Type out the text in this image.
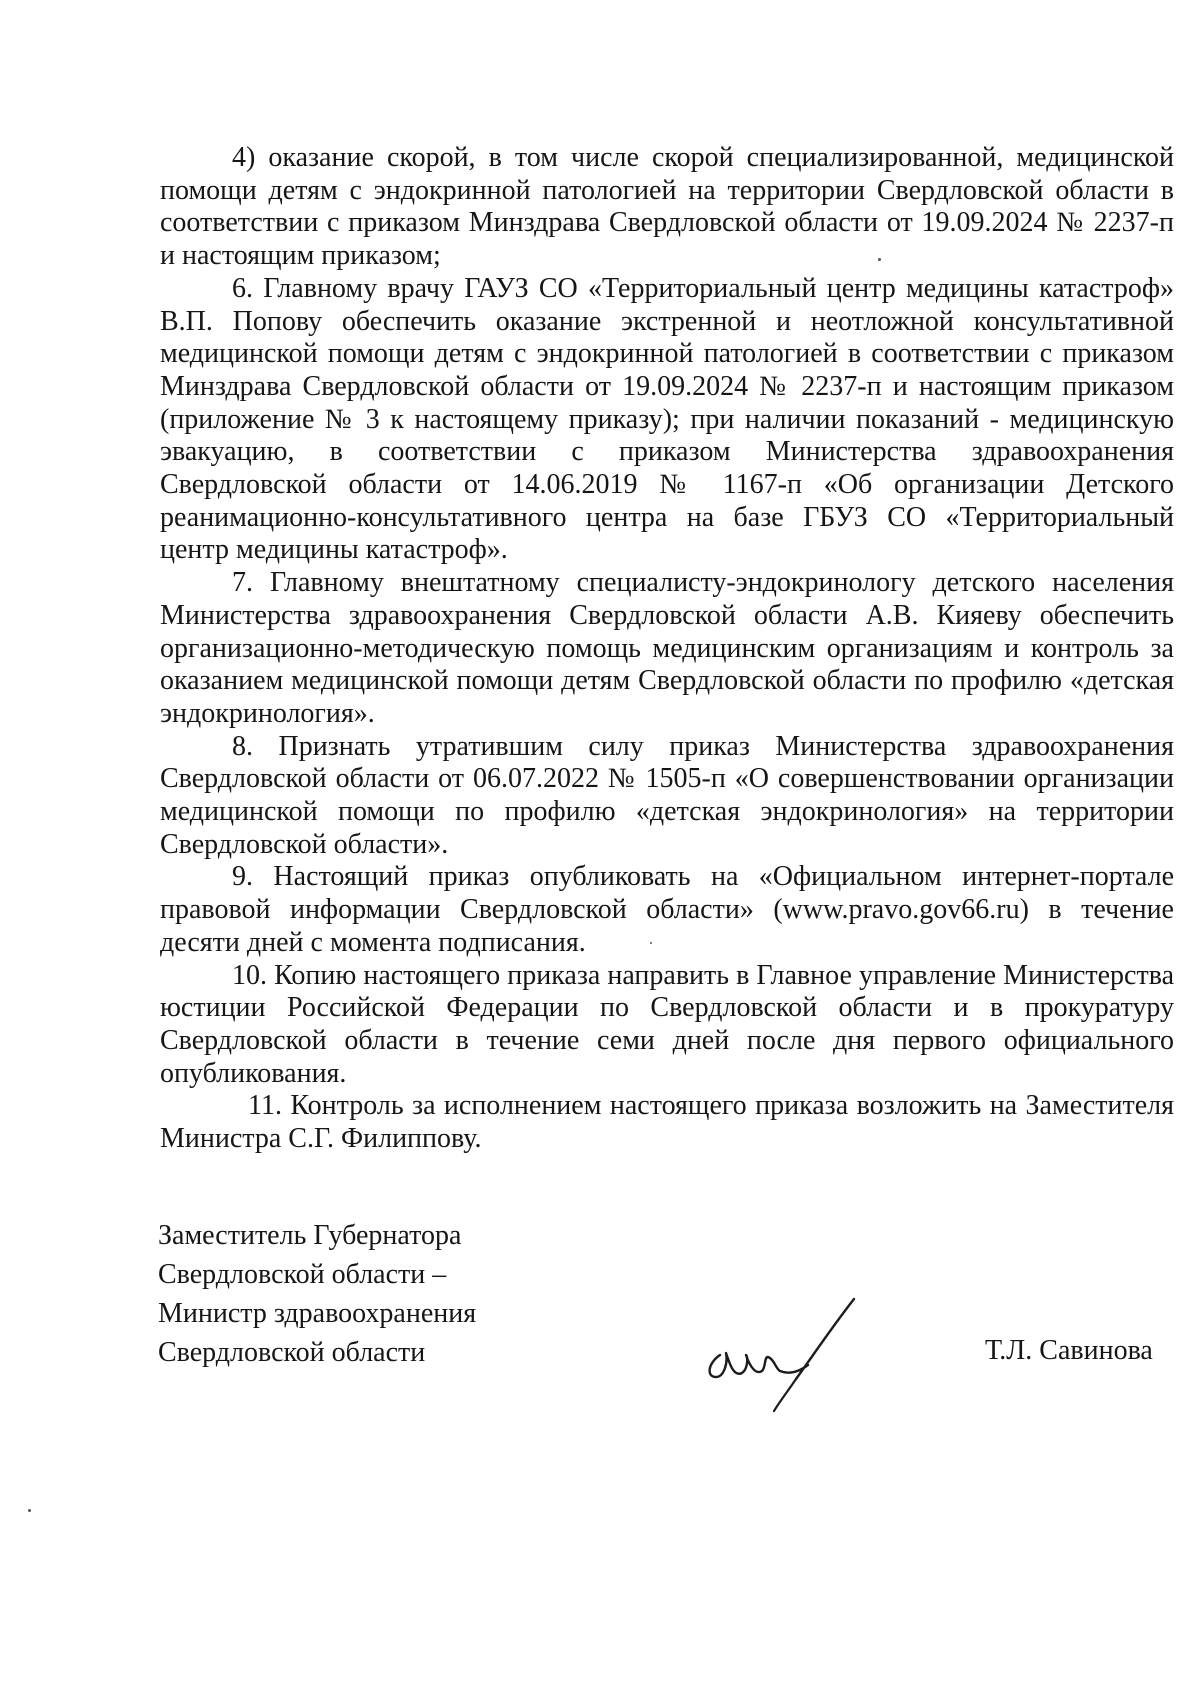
4) оказание скорой, в том числе скорой специализированной, медицинской помощи детям с эндокринной патологией на территории Свердловской области в соответствии с приказом Минздрава Свердловской области от 19.09.2024 № 2237-п и настоящим приказом;

6. Главному врачу ГАУЗ СО «Территориальный центр медицины катастроф» В.П. Попову обеспечить оказание экстренной и неотложной консультативной медицинской помощи детям с эндокринной патологией в соответствии с приказом Минздрава Свердловской области от 19.09.2024 № 2237-п и настоящим приказом (приложение № 3 к настоящему приказу); при наличии показаний - медицинскую эвакуацию, в соответствии с приказом Министерства здравоохранения Свердловской области от 14.06.2019 № 1167-п «Об организации Детского реанимационно-консультативного центра на базе ГБУЗ СО «Территориальный центр медицины катастроф».

7. Главному внештатному специалисту-эндокринологу детского населения Министерства здравоохранения Свердловской области А.В. Кияеву обеспечить организационно-методическую помощь медицинским организациям и контроль за оказанием медицинской помощи детям Свердловской области по профилю «детская эндокринология».

8. Признать утратившим силу приказ Министерства здравоохранения Свердловской области от 06.07.2022 № 1505-п «О совершенствовании организации медицинской помощи по профилю «детская эндокринология» на территории Свердловской области».

9. Настоящий приказ опубликовать на «Официальном интернет-портале правовой информации Свердловской области» (www.pravo.gov66.ru) в течение десяти дней с момента подписания.

10. Копию настоящего приказа направить в Главное управление Министерства юстиции Российской Федерации по Свердловской области и в прокуратуру Свердловской области в течение семи дней после дня первого официального опубликования.

11. Контроль за исполнением настоящего приказа возложить на Заместителя Министра С.Г. Филиппову.

Заместитель Губернатора
Свердловской области –
Министр здравоохранения
Свердловской области	Т.Л. Савинова
